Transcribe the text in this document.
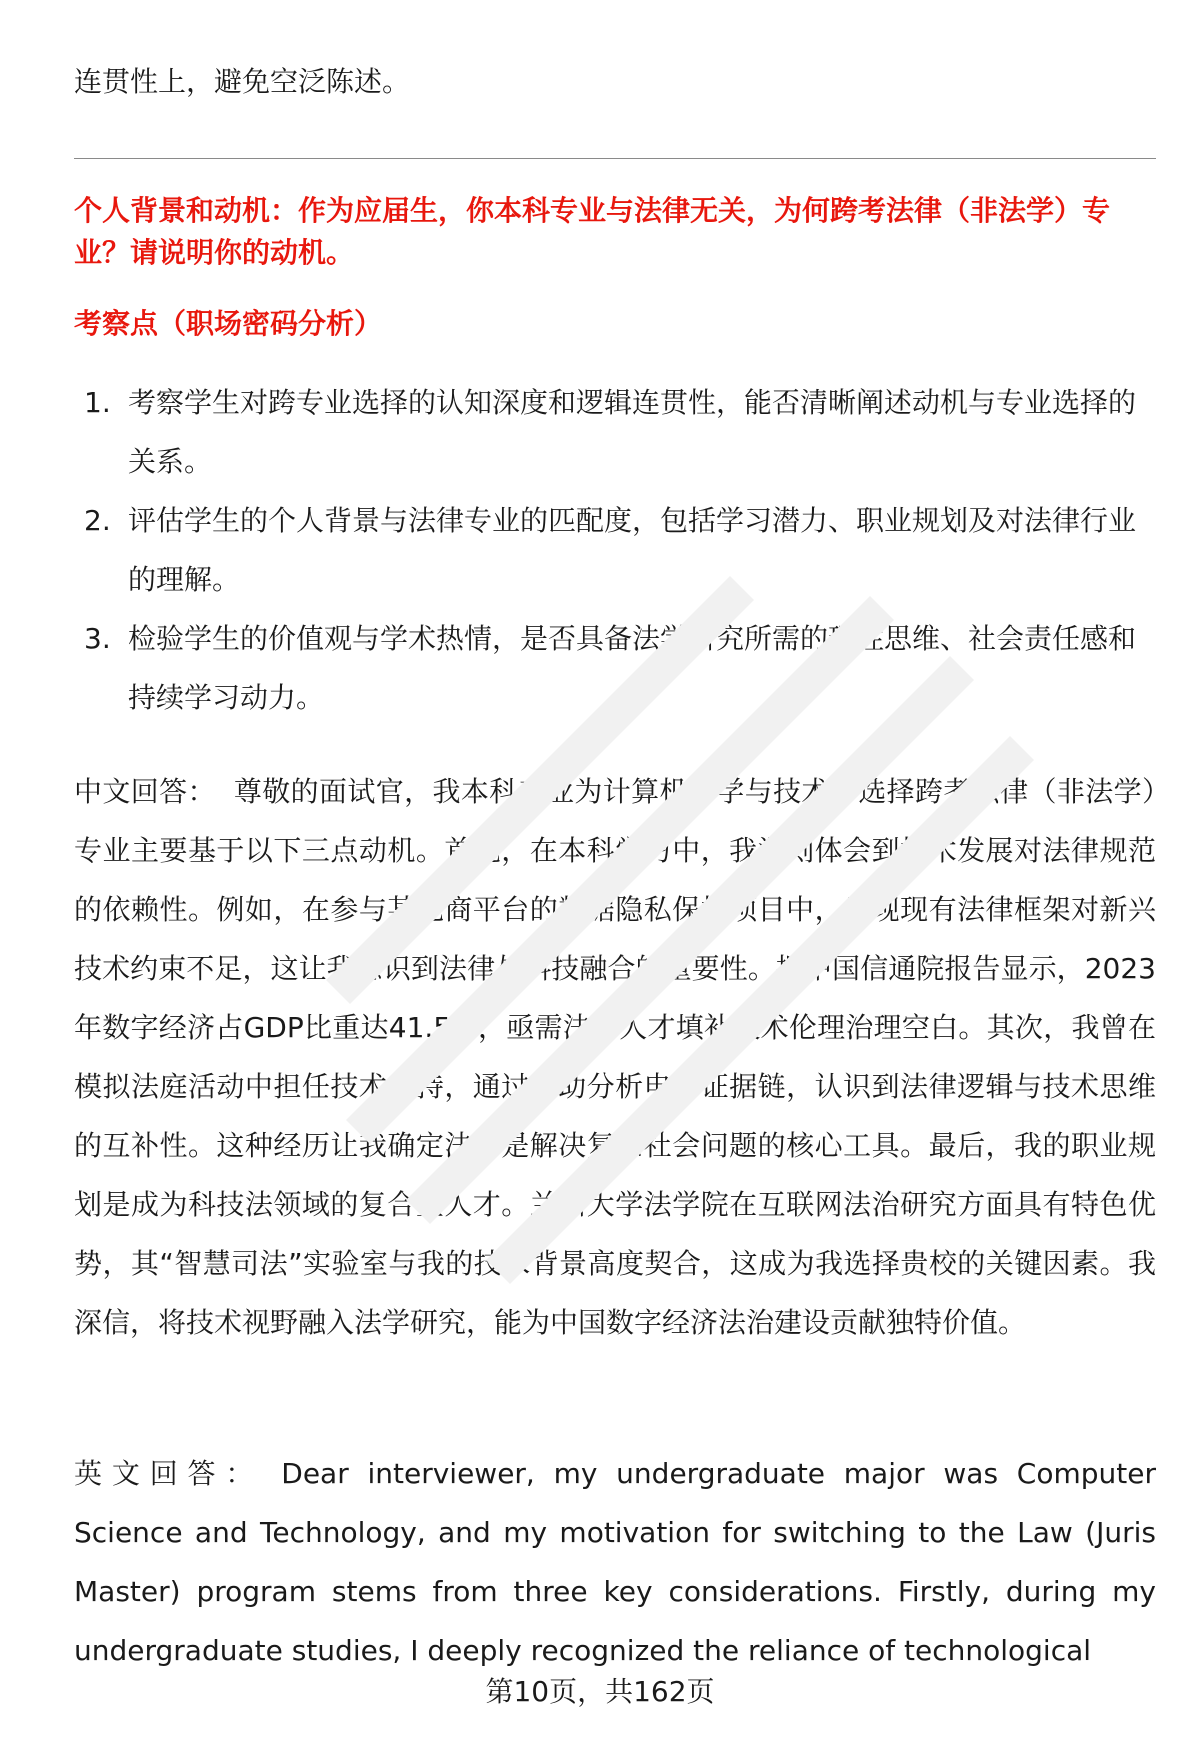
连贯性上，避免空泛陈述。

个人背景和动机：作为应届生，你本科专业与法律无关，为何跨考法律（非法学）专业？请说明你的动机。
考察点（职场密码分析）
1. 考察学生对跨专业选择的认知深度和逻辑连贯性，能否清晰阐述动机与专业选择的关系。
2. 评估学生的个人背景与法律专业的匹配度，包括学习潜力、职业规划及对法律行业的理解。
3. 检验学生的价值观与学术热情，是否具备法学研究所需的理性思维、社会责任感和持续学习动力。

中文回答： 尊敬的面试官，我本科专业为计算机科学与技术，选择跨考法律（非法学）专业主要基于以下三点动机。首先，在本科学习中，我深刻体会到技术发展对法律规范的依赖性。例如，在参与某电商平台的数据隐私保护项目中，发现现有法律框架对新兴技术约束不足，这让我意识到法律与科技融合的重要性。据中国信通院报告显示，2023年数字经济占GDP比重达41.5%，亟需法律人才填补技术伦理治理空白。其次，我曾在模拟法庭活动中担任技术支持，通过协助分析电子证据链，认识到法律逻辑与技术思维的互补性。这种经历让我确定法律是解决复杂社会问题的核心工具。最后，我的职业规划是成为科技法领域的复合型人才。兰州大学法学院在互联网法治研究方面具有特色优势，其“智慧司法”实验室与我的技术背景高度契合，这成为我选择贵校的关键因素。我深信，将技术视野融入法学研究，能为中国数字经济法治建设贡献独特价值。

英文回答： Dear interviewer, my undergraduate major was Computer Science and Technology, and my motivation for switching to the Law (Juris Master) program stems from three key considerations. Firstly, during my undergraduate studies, I deeply recognized the reliance of technological

第10页，共162页
